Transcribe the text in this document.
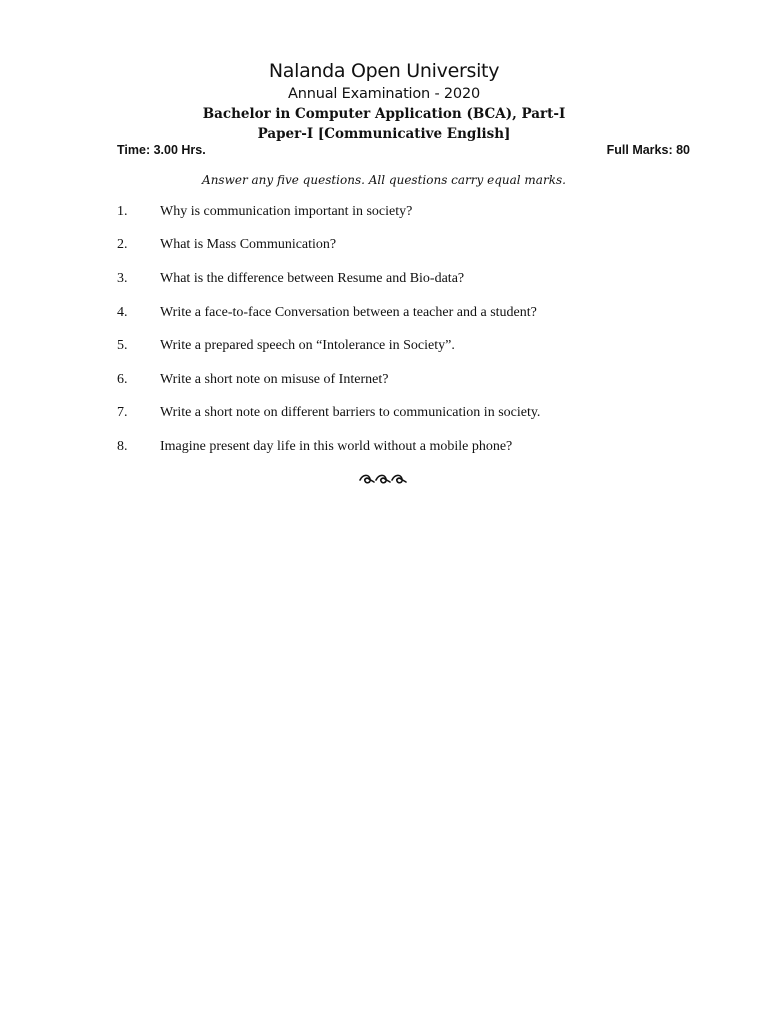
Nalanda Open University
Annual Examination - 2020
Bachelor in Computer Application (BCA), Part-I
Paper-I [Communicative English]
Time: 3.00 Hrs.	Full Marks: 80
Answer any five questions. All questions carry equal marks.
1. Why is communication important in society?
2. What is Mass Communication?
3. What is the difference between Resume and Bio-data?
4. Write a face-to-face Conversation between a teacher and a student?
5. Write a prepared speech on “Intolerance in Society”.
6. Write a short note on misuse of Internet?
7. Write a short note on different barriers to communication in society.
8. Imagine present day life in this world without a mobile phone?
